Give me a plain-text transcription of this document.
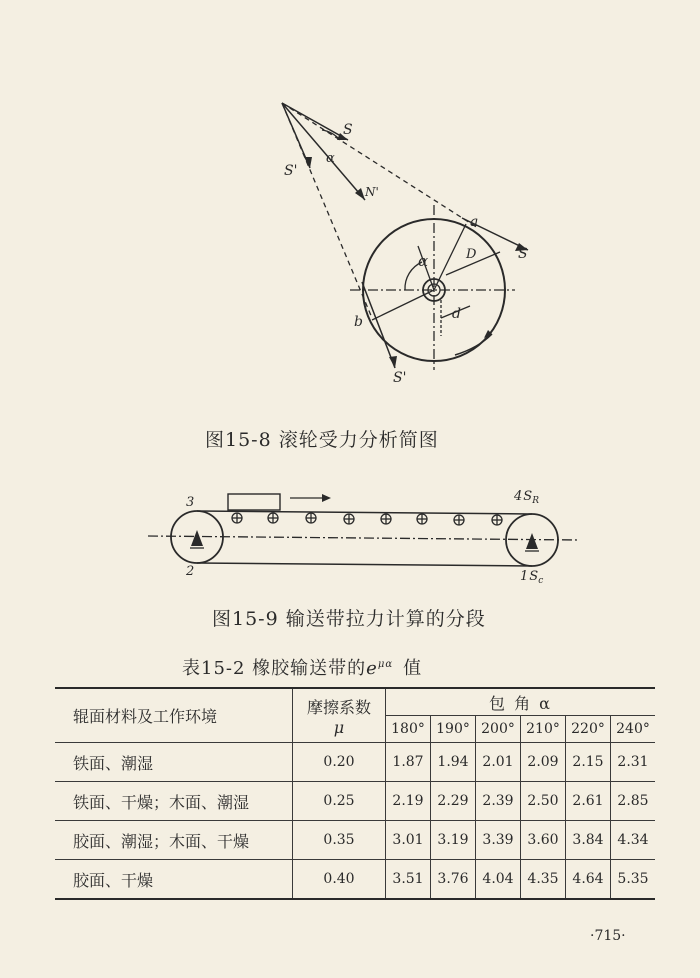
S
S'
N'
α
a
S
α	D
d
b
S'
图15-8 滚轮受力分析简图
3
2
$4S_R$
$1S_c$
图15-9 输送带拉力计算的分段
表15-2 橡胶输送带的$e^{\mu\alpha}$ 值
辊面材料及工作环境	摩擦系数
μ	包 角 α					
		180°	190°	200°	210°	220°	240°
铁面、潮湿	0.20	1.87	1.94	2.01	2.09	2.15	2.31
铁面、干燥；木面、潮湿	0.25	2.19	2.29	2.39	2.50	2.61	2.85
胶面、潮湿；木面、干燥	0.35	3.01	3.19	3.39	3.60	3.84	4.34
胶面、干燥	0.40	3.51	3.76	4.04	4.35	4.64	5.35
·715·
